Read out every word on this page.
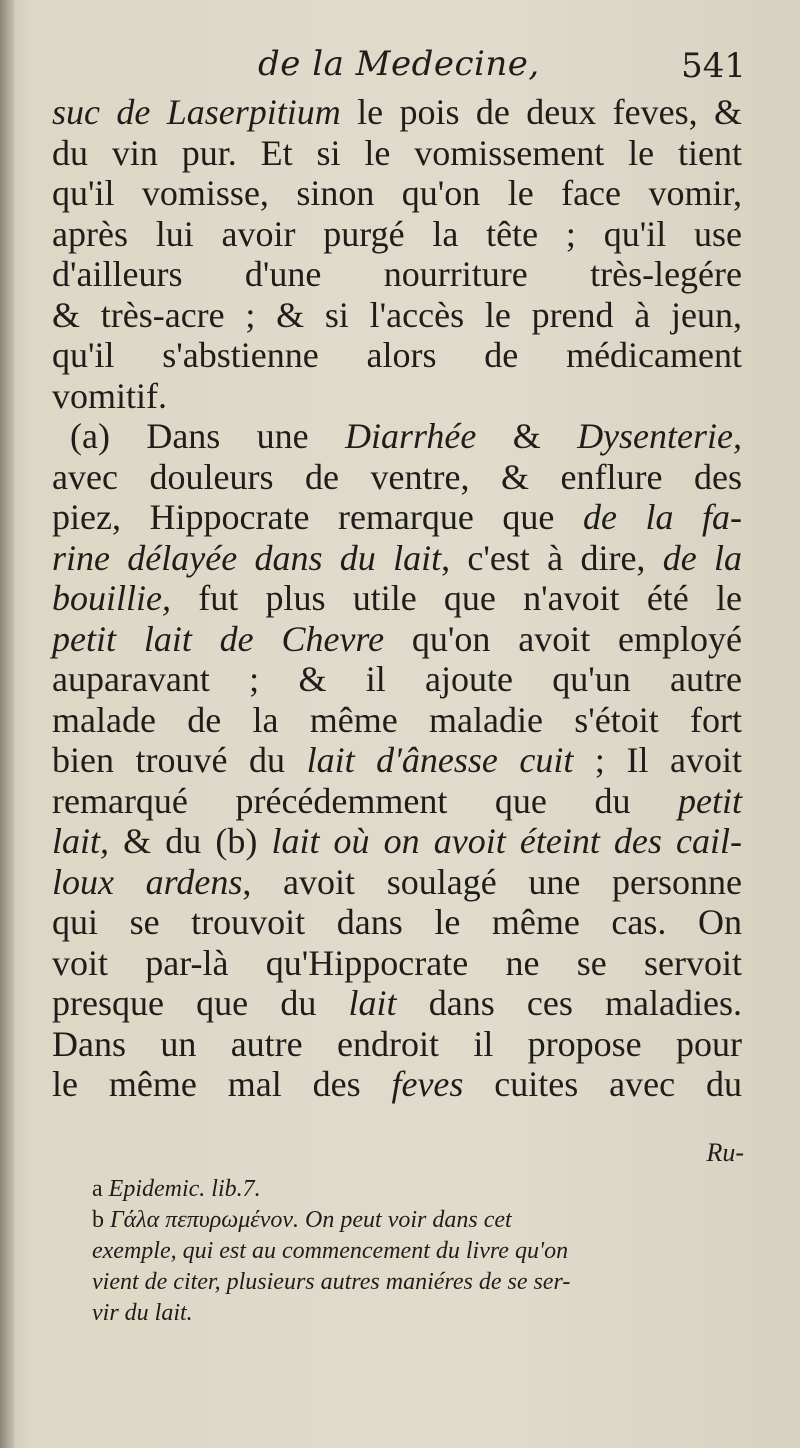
de la Medecine,	541
suc de Laserpitium le pois de deux feves, &
du vin pur. Et si le vomissement le tient
qu'il vomisse, sinon qu'on le face vomir,
après lui avoir purgé la tête ; qu'il use
d'ailleurs d'une nourriture très-legére
& très-acre ; & si l'accès le prend à jeun,
qu'il s'abstienne alors de médicament
vomitif.
(a) Dans une Diarrhée & Dysenterie,
avec douleurs de ventre, & enflure des
piez, Hippocrate remarque que de la fa-
rine délayée dans du lait, c'est à dire, de la
bouillie, fut plus utile que n'avoit été le
petit lait de Chevre qu'on avoit employé
auparavant ; & il ajoute qu'un autre
malade de la même maladie s'étoit fort
bien trouvé du lait d'ânesse cuit ; Il avoit
remarqué précédemment que du petit
lait, & du (b) lait où on avoit éteint des cail-
loux ardens, avoit soulagé une personne
qui se trouvoit dans le même cas. On
voit par-là qu'Hippocrate ne se servoit
presque que du lait dans ces maladies.
Dans un autre endroit il propose pour
le même mal des feves cuites avec du
Ru-
a Epidemic. lib.7.
b Γάλα πεπυρωμένον. On peut voir dans cet
exemple, qui est au commencement du livre qu'on
vient de citer, plusieurs autres maniéres de se ser-
vir du lait.
